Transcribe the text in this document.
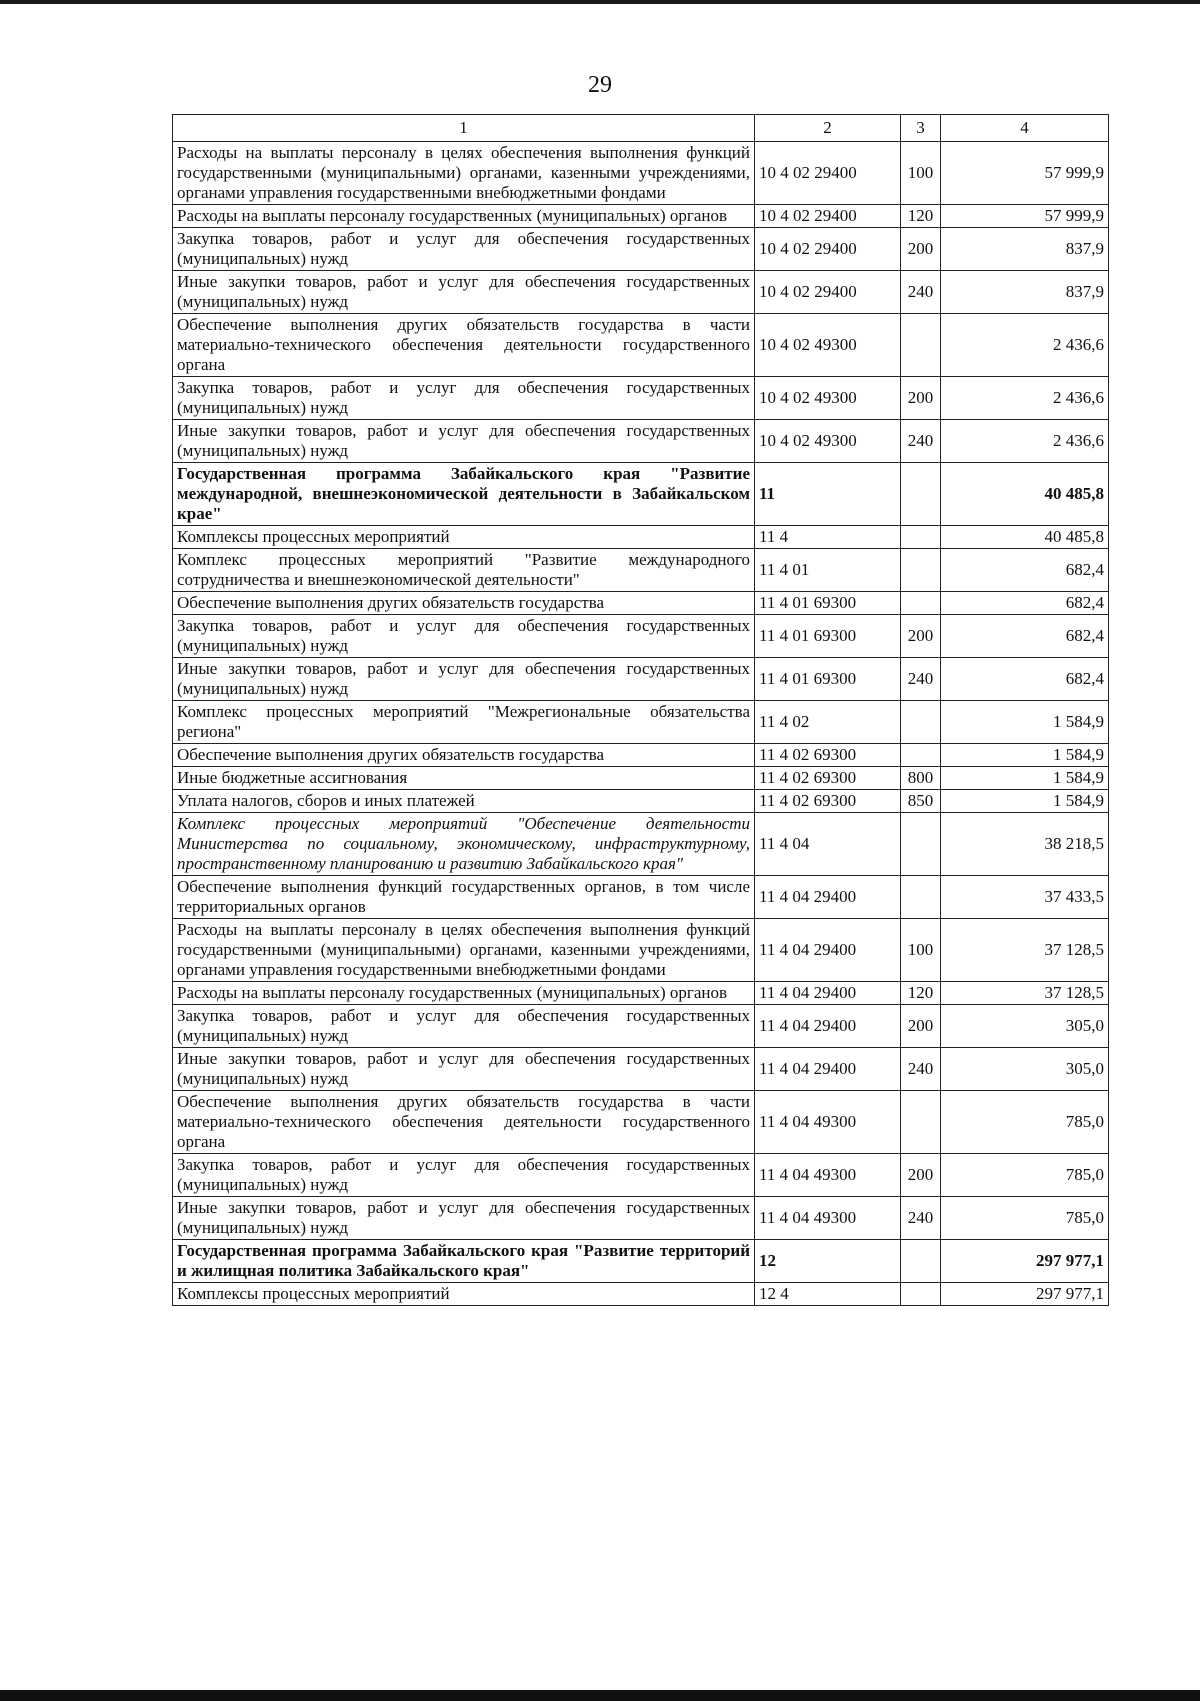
29
1	2	3	4
Расходы на выплаты персоналу в целях обеспечения выполнения функций государственными (муниципальными) органами, казенными учреждениями, органами управления государственными внебюджетными фондами	10 4 02 29400	100	57 999,9
Расходы на выплаты персоналу государственных (муниципальных) органов	10 4 02 29400	120	57 999,9
Закупка товаров, работ и услуг для обеспечения государственных (муниципальных) нужд	10 4 02 29400	200	837,9
Иные закупки товаров, работ и услуг для обеспечения государственных (муниципальных) нужд	10 4 02 29400	240	837,9
Обеспечение выполнения других обязательств государства в части материально-технического обеспечения деятельности государственного органа	10 4 02 49300		2 436,6
Закупка товаров, работ и услуг для обеспечения государственных (муниципальных) нужд	10 4 02 49300	200	2 436,6
Иные закупки товаров, работ и услуг для обеспечения государственных (муниципальных) нужд	10 4 02 49300	240	2 436,6
Государственная программа Забайкальского края "Развитие международной, внешнеэкономической деятельности в Забайкальском крае"	11		40 485,8
Комплексы процессных мероприятий	11 4		40 485,8
Комплекс процессных мероприятий "Развитие международного сотрудничества и внешнеэкономической деятельности"	11 4 01		682,4
Обеспечение выполнения других обязательств государства	11 4 01 69300		682,4
Закупка товаров, работ и услуг для обеспечения государственных (муниципальных) нужд	11 4 01 69300	200	682,4
Иные закупки товаров, работ и услуг для обеспечения государственных (муниципальных) нужд	11 4 01 69300	240	682,4
Комплекс процессных мероприятий "Межрегиональные обязательства региона"	11 4 02		1 584,9
Обеспечение выполнения других обязательств государства	11 4 02 69300		1 584,9
Иные бюджетные ассигнования	11 4 02 69300	800	1 584,9
Уплата налогов, сборов и иных платежей	11 4 02 69300	850	1 584,9
Комплекс процессных мероприятий "Обеспечение деятельности Министерства по социальному, экономическому, инфраструктурному, пространственному планированию и развитию Забайкальского края"	11 4 04		38 218,5
Обеспечение выполнения функций государственных органов, в том числе территориальных органов	11 4 04 29400		37 433,5
Расходы на выплаты персоналу в целях обеспечения выполнения функций государственными (муниципальными) органами, казенными учреждениями, органами управления государственными внебюджетными фондами	11 4 04 29400	100	37 128,5
Расходы на выплаты персоналу государственных (муниципальных) органов	11 4 04 29400	120	37 128,5
Закупка товаров, работ и услуг для обеспечения государственных (муниципальных) нужд	11 4 04 29400	200	305,0
Иные закупки товаров, работ и услуг для обеспечения государственных (муниципальных) нужд	11 4 04 29400	240	305,0
Обеспечение выполнения других обязательств государства в части материально-технического обеспечения деятельности государственного органа	11 4 04 49300		785,0
Закупка товаров, работ и услуг для обеспечения государственных (муниципальных) нужд	11 4 04 49300	200	785,0
Иные закупки товаров, работ и услуг для обеспечения государственных (муниципальных) нужд	11 4 04 49300	240	785,0
Государственная программа Забайкальского края "Развитие территорий и жилищная политика Забайкальского края"	12		297 977,1
Комплексы процессных мероприятий	12 4		297 977,1
